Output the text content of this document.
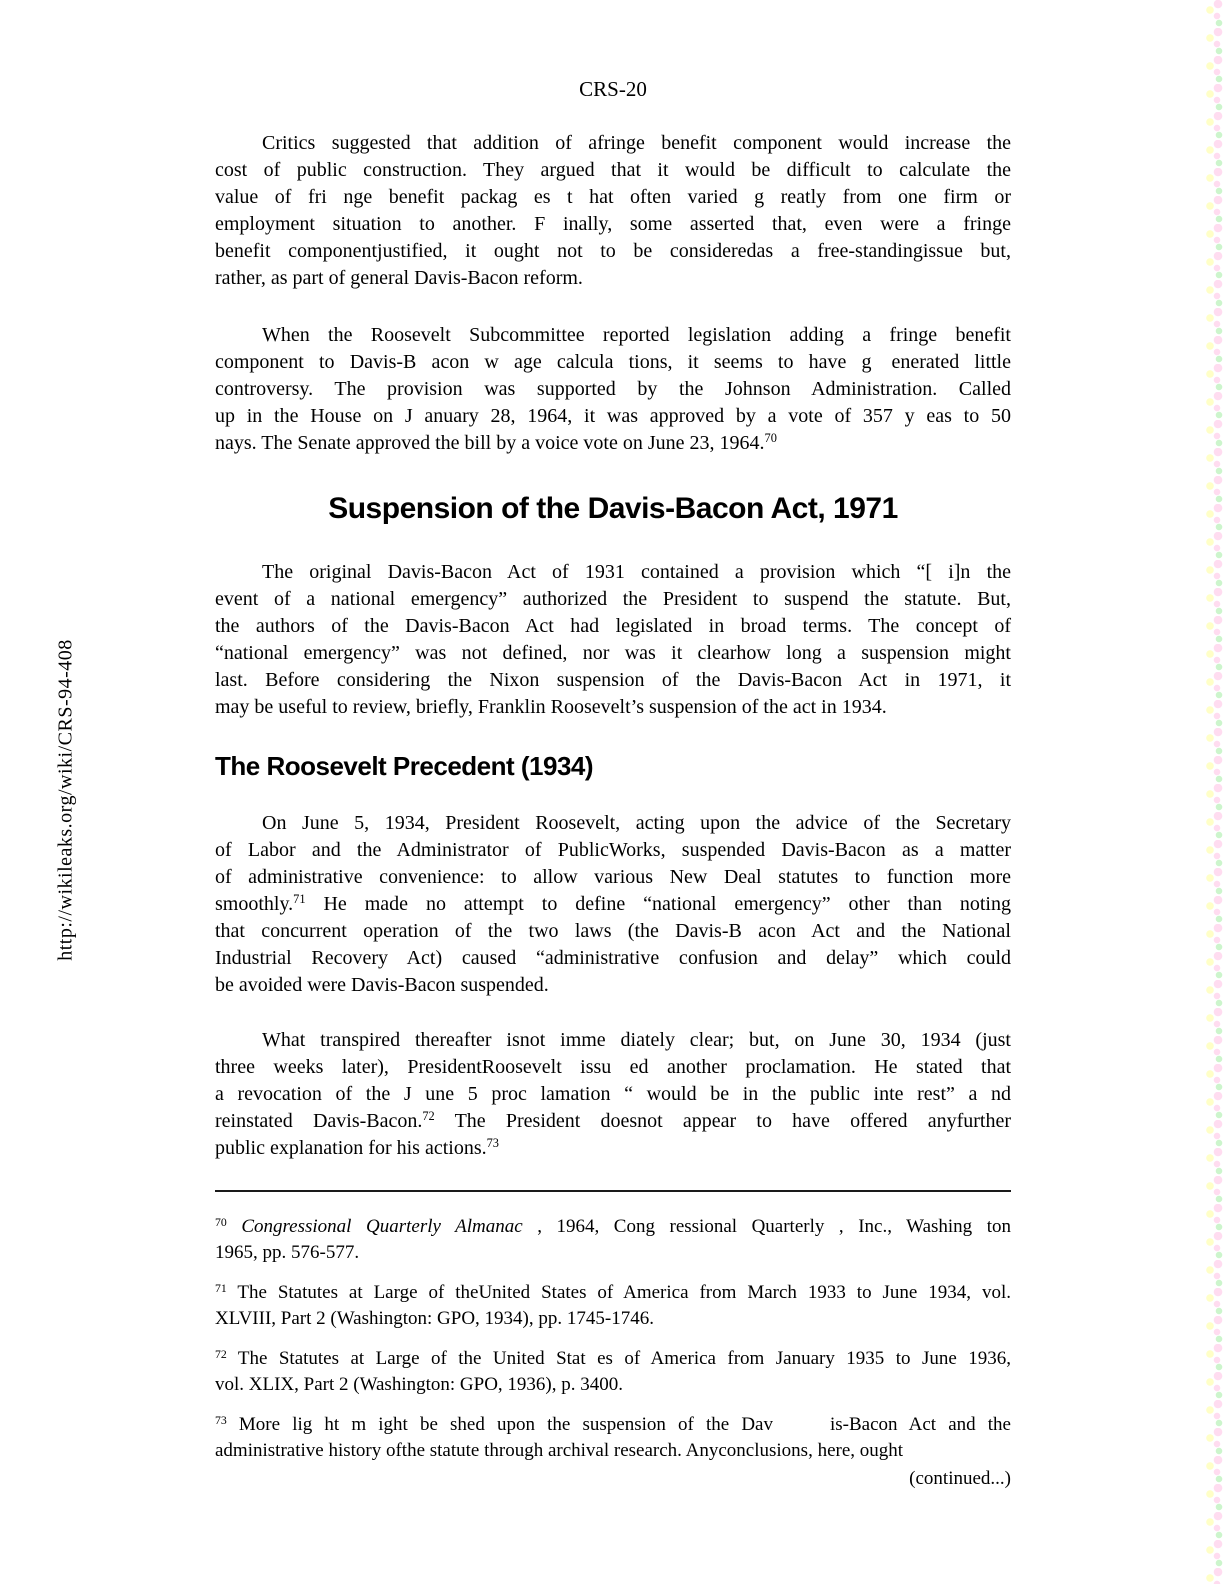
http://wikileaks.org/wiki/CRS-94-408
CRS-20
Critics suggested that addition of afringe benefit component would increase the
cost of public construction. They argued that it would be difficult to calculate the
value of fri nge benefit packag es t hat often varied g reatly from one firm or
employment situation to another. F inally, some asserted that, even were a fringe
benefit componentjustified, it ought not to be consideredas a free-standingissue but,
rather, as part of general Davis-Bacon reform.
When the Roosevelt Subcommittee reported legislation adding a fringe benefit
component to Davis-B acon w age calcula tions, it seems to have g enerated little
controversy. The provision was supported by the Johnson Administration. Called
up in the House on J anuary 28, 1964, it was approved by a vote of 357 y eas to 50
nays. The Senate approved the bill by a voice vote on June 23, 1964.70
Suspension of the Davis-Bacon Act, 1971
The original Davis-Bacon Act of 1931 contained a provision which “[ i]n the
event of a national emergency” authorized the President to suspend the statute. But,
the authors of the Davis-Bacon Act had legislated in broad terms. The concept of
“national emergency” was not defined, nor was it clearhow long a suspension might
last. Before considering the Nixon suspension of the Davis-Bacon Act in 1971, it
may be useful to review, briefly, Franklin Roosevelt’s suspension of the act in 1934.
The Roosevelt Precedent (1934)
On June 5, 1934, President Roosevelt, acting upon the advice of the Secretary
of Labor and the Administrator of PublicWorks, suspended Davis-Bacon as a matter
of administrative convenience: to allow various New Deal statutes to function more
smoothly.$^{71}$ He made no attempt to define “national emergency” other than noting
that concurrent operation of the two laws (the Davis-B acon Act and the National
Industrial Recovery Act) caused “administrative confusion and delay” which could
be avoided were Davis-Bacon suspended.
What transpired thereafter isnot imme diately clear; but, on June 30, 1934 (just
three weeks later), PresidentRoosevelt issu ed another proclamation. He stated that
a revocation of the J une 5 proc lamation “ would be in the public inte rest” a nd
reinstated Davis-Bacon.$^{72}$ The President doesnot appear to have offered anyfurther
public explanation for his actions.$^{73}$
$^{70}$ Congressional Quarterly Almanac , 1964, Cong ressional Quarterly , Inc., Washing ton
1965, pp. 576-577.
$^{71}$ The Statutes at Large of theUnited States of America from March 1933 to June 1934, vol.
XLVIII, Part 2 (Washington: GPO, 1934), pp. 1745-1746.
$^{72}$ The Statutes at Large of the United Stat es of America from January 1935 to June 1936,
vol. XLIX, Part 2 (Washington: GPO, 1936), p. 3400.
$^{73}$ More lig ht m ight be shed upon the suspension of the Dav   is-Bacon Act and the
administrative history ofthe statute through archival research. Anyconclusions, here, ought
(continued...)
